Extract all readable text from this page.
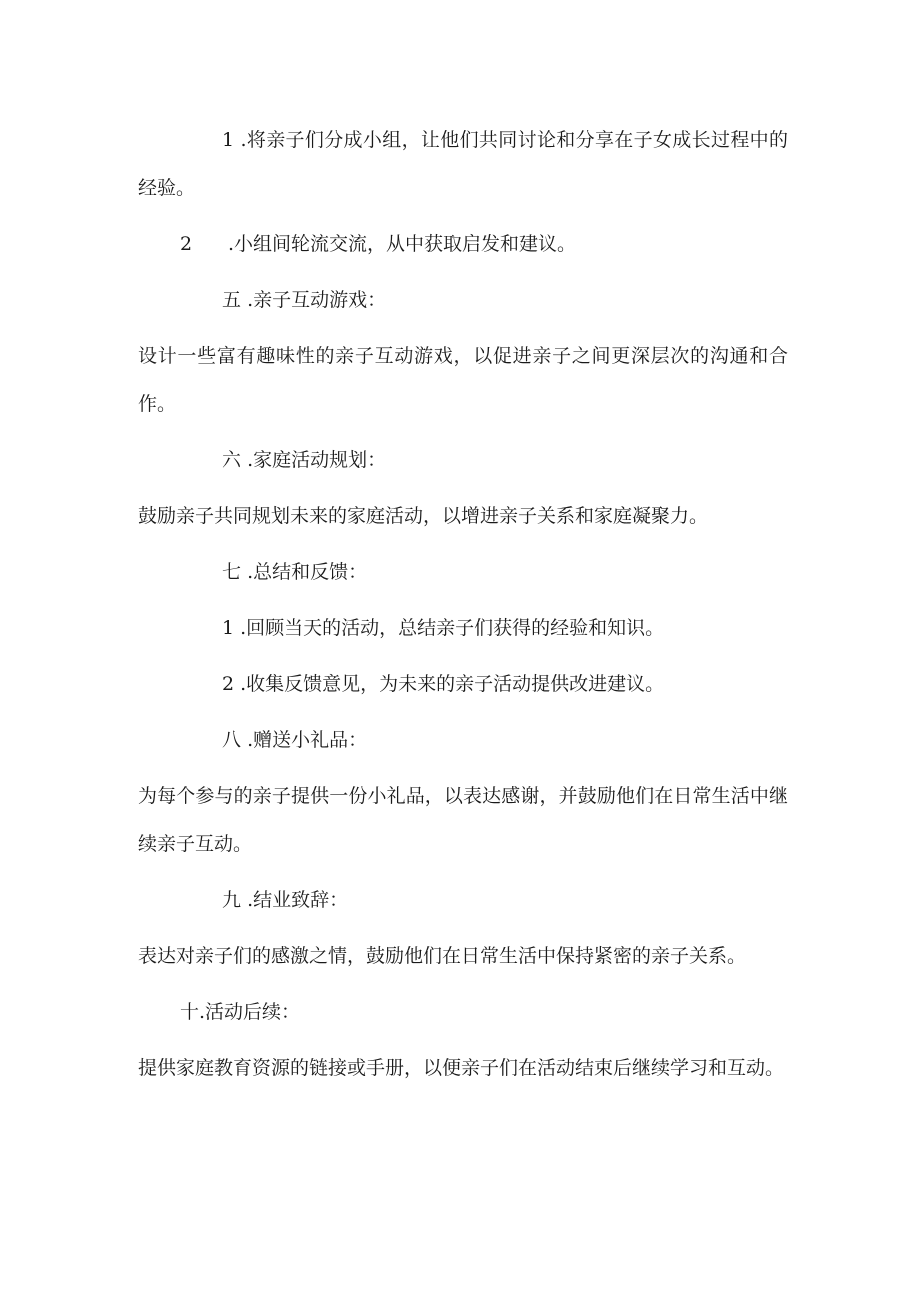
1 .将亲子们分成小组，让他们共同讨论和分享在子女成长过程中的经验。

2 .小组间轮流交流，从中获取启发和建议。

五 .亲子互动游戏：

设计一些富有趣味性的亲子互动游戏，以促进亲子之间更深层次的沟通和合作。

六 .家庭活动规划：

鼓励亲子共同规划未来的家庭活动，以增进亲子关系和家庭凝聚力。

七 .总结和反馈：

1 .回顾当天的活动，总结亲子们获得的经验和知识。

2 .收集反馈意见，为未来的亲子活动提供改进建议。

八 .赠送小礼品：

为每个参与的亲子提供一份小礼品，以表达感谢，并鼓励他们在日常生活中继续亲子互动。

九 .结业致辞：

表达对亲子们的感激之情，鼓励他们在日常生活中保持紧密的亲子关系。

十.活动后续：

提供家庭教育资源的链接或手册，以便亲子们在活动结束后继续学习和互动。
